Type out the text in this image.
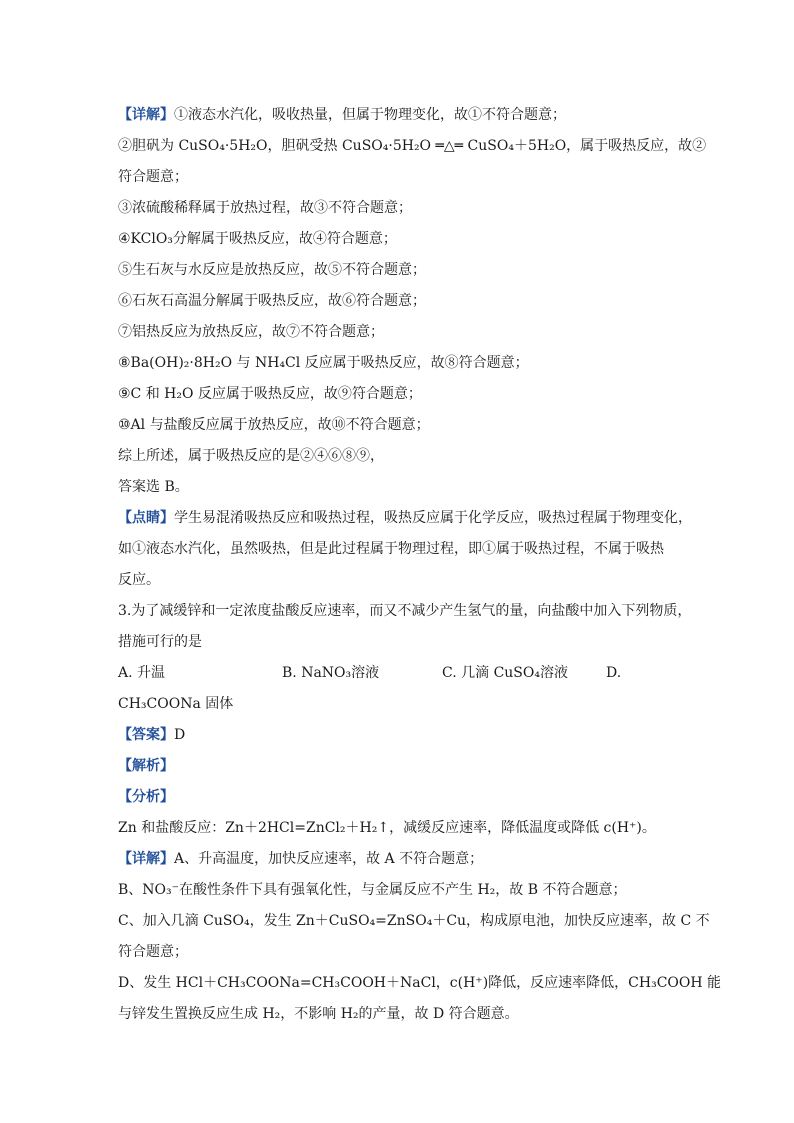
【详解】①液态水汽化，吸收热量，但属于物理变化，故①不符合题意；
②胆矾为 CuSO₄·5H₂O，胆矾受热 CuSO₄·5H₂O ═△═ CuSO₄＋5H₂O，属于吸热反应，故②
符合题意；
③浓硫酸稀释属于放热过程，故③不符合题意；
④KClO₃分解属于吸热反应，故④符合题意；
⑤生石灰与水反应是放热反应，故⑤不符合题意；
⑥石灰石高温分解属于吸热反应，故⑥符合题意；
⑦铝热反应为放热反应，故⑦不符合题意；
⑧Ba(OH)₂·8H₂O 与 NH₄Cl 反应属于吸热反应，故⑧符合题意；
⑨C 和 H₂O 反应属于吸热反应，故⑨符合题意；
⑩Al 与盐酸反应属于放热反应，故⑩不符合题意；
综上所述，属于吸热反应的是②④⑥⑧⑨，
答案选 B。
【点睛】学生易混淆吸热反应和吸热过程，吸热反应属于化学反应，吸热过程属于物理变化，
如①液态水汽化，虽然吸热，但是此过程属于物理过程，即①属于吸热过程，不属于吸热
反应。
3.为了减缓锌和一定浓度盐酸反应速率，而又不减少产生氢气的量，向盐酸中加入下列物质，
措施可行的是
A. 升温	B. NaNO₃溶液	C. 几滴 CuSO₄溶液	D.
CH₃COONa 固体
【答案】D
【解析】
【分析】
Zn 和盐酸反应：Zn＋2HCl=ZnCl₂＋H₂↑，减缓反应速率，降低温度或降低 c(H⁺)。
【详解】A、升高温度，加快反应速率，故 A 不符合题意；
B、NO₃⁻在酸性条件下具有强氧化性，与金属反应不产生 H₂，故 B 不符合题意；
C、加入几滴 CuSO₄，发生 Zn＋CuSO₄=ZnSO₄＋Cu，构成原电池，加快反应速率，故 C 不
符合题意；
D、发生 HCl＋CH₃COONa=CH₃COOH＋NaCl，c(H⁺)降低，反应速率降低，CH₃COOH 能
与锌发生置换反应生成 H₂，不影响 H₂的产量，故 D 符合题意。
